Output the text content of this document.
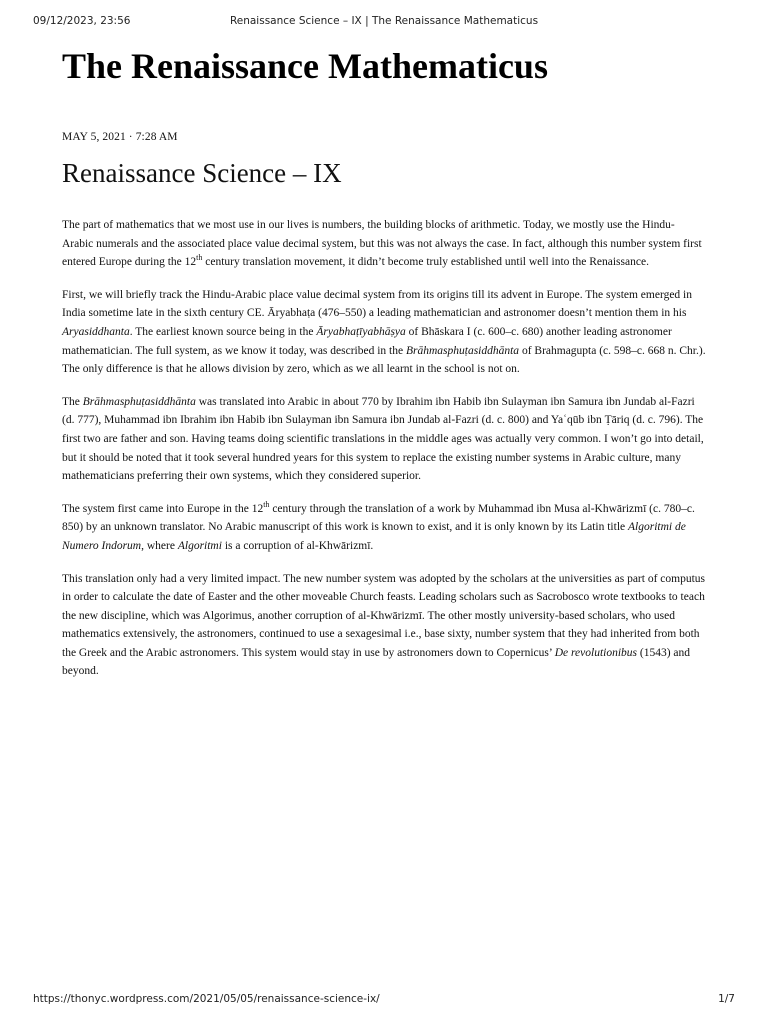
09/12/2023, 23:56	Renaissance Science – IX | The Renaissance Mathematicus
The Renaissance Mathematicus
MAY 5, 2021 · 7:28 AM
Renaissance Science – IX

The part of mathematics that we most use in our lives is numbers, the building blocks of arithmetic. Today, we mostly use the Hindu-Arabic numerals and the associated place value decimal system, but this was not always the case. In fact, although this number system first entered Europe during the 12th century translation movement, it didn’t become truly established until well into the Renaissance.

First, we will briefly track the Hindu-Arabic place value decimal system from its origins till its advent in Europe. The system emerged in India sometime late in the sixth century CE. Āryabhaṭa (476–550) a leading mathematician and astronomer doesn’t mention them in his Aryasiddhanta. The earliest known source being in the Āryabhaṭīyabhāṣya of Bhāskara I (c. 600–c. 680) another leading astronomer mathematician. The full system, as we know it today, was described in the Brāhmasphuṭasiddhānta of Brahmagupta (c. 598–c. 668 n. Chr.). The only difference is that he allows division by zero, which as we all learnt in the school is not on.

The Brāhmasphuṭasiddhānta was translated into Arabic in about 770 by Ibrahim ibn Habib ibn Sulayman ibn Samura ibn Jundab al-Fazri (d. 777), Muhammad ibn Ibrahim ibn Habib ibn Sulayman ibn Samura ibn Jundab al-Fazri (d. c. 800) and Yaʿqūb ibn Ṭāriq (d. c. 796). The first two are father and son. Having teams doing scientific translations in the middle ages was actually very common. I won’t go into detail, but it should be noted that it took several hundred years for this system to replace the existing number systems in Arabic culture, many mathematicians preferring their own systems, which they considered superior.

The system first came into Europe in the 12th century through the translation of a work by Muhammad ibn Musa al-Khwārizmī (c. 780–c. 850) by an unknown translator. No Arabic manuscript of this work is known to exist, and it is only known by its Latin title Algoritmi de Numero Indorum, where Algoritmi is a corruption of al-Khwārizmī.

This translation only had a very limited impact. The new number system was adopted by the scholars at the universities as part of computus in order to calculate the date of Easter and the other moveable Church feasts. Leading scholars such as Sacrobosco wrote textbooks to teach the new discipline, which was Algorimus, another corruption of al-Khwārizmī. The other mostly university-based scholars, who used mathematics extensively, the astronomers, continued to use a sexagesimal i.e., base sixty, number system that they had inherited from both the Greek and the Arabic astronomers. This system would stay in use by astronomers down to Copernicus’ De revolutionibus (1543) and beyond.

https://thonyc.wordpress.com/2021/05/05/renaissance-science-ix/	1/7
